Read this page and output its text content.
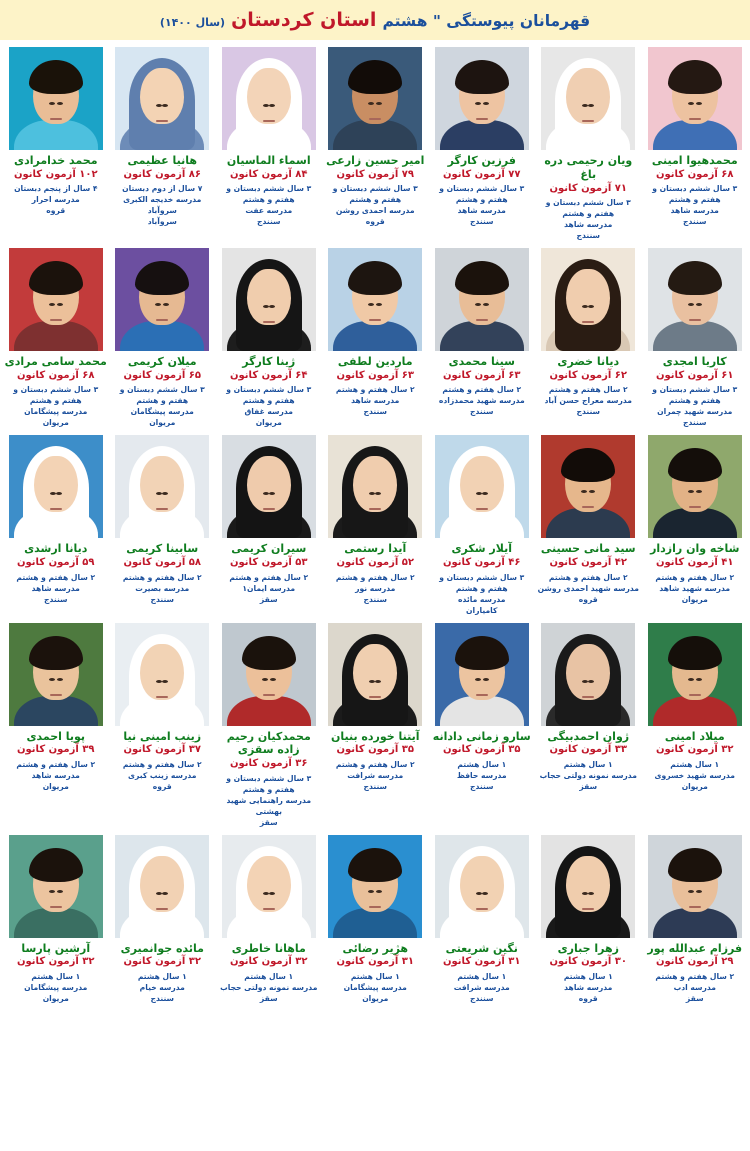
قهرمانان پیوستگی " هشتم
استان کردستان
(سال ۱۴۰۰)
محمدهیوا امینی
۶۸ آزمون کانون
۳ سال ششم دبستان و هفتم و هشتم
مدرسه شاهد
سنندج
ویان رحیمی دره باغ
۷۱ آزمون کانون
۳ سال ششم دبستان و هفتم و هشتم
مدرسه شاهد
سنندج
فرزین کارگر
۷۷ آزمون کانون
۳ سال ششم دبستان و هفتم و هشتم
مدرسه شاهد
سنندج
امیر حسین زارعی
۷۹ آزمون کانون
۳ سال ششم دبستان و هفتم و هشتم
مدرسه احمدی روشن
قروه
اسماء الماسیان
۸۴ آزمون کانون
۳ سال ششم دبستان و هفتم و هشتم
مدرسه عفت
سنندج
هانیا عظیمی
۸۶ آزمون کانون
۷ سال از دوم دبستان
مدرسه خدیجه الکبری سروآباد
سروآباد
محمد خدامرادی
۱۰۲ آزمون کانون
۴ سال از پنجم دبستان
مدرسه احرار
قروه
کاریا امجدی
۶۱ آزمون کانون
۳ سال ششم دبستان و هفتم و هشتم
مدرسه شهید چمران
سنندج
دیانا خضری
۶۲ آزمون کانون
۲ سال هفتم و هشتم
مدرسه معراج حسن آباد
سنندج
سینا محمدی
۶۳ آزمون کانون
۲ سال هفتم و هشتم
مدرسه شهید محمدزاده
سنندج
ماردین لطفی
۶۳ آزمون کانون
۲ سال هفتم و هشتم
مدرسه شاهد
سنندج
ژینا کارگر
۶۴ آزمون کانون
۳ سال ششم دبستان و هفتم و هشتم
مدرسه غفاق
مریوان
میلان کریمی
۶۵ آزمون کانون
۳ سال ششم دبستان و هفتم و هشتم
مدرسه پیشگامان
مریوان
محمد سامی مرادی
۶۸ آزمون کانون
۳ سال ششم دبستان و هفتم و هشتم
مدرسه پیشگامان
مریوان
شاخه وان رازدار
۴۱ آزمون کانون
۲ سال هفتم و هشتم
مدرسه شهید شاهد
مریوان
سید مانی حسینی
۴۲ آزمون کانون
۲ سال هفتم و هشتم
مدرسه شهید احمدی روشن
قروه
آیلار شکری
۴۶ آزمون کانون
۳ سال ششم دبستان و هفتم و هشتم
مدرسه مائده
کامیاران
آیدا رستمی
۵۲ آزمون کانون
۲ سال هفتم و هشتم
مدرسه نور
سنندج
سیران کریمی
۵۳ آزمون کانون
۲ سال هفتم و هشتم
مدرسه ایمان۱
سقز
سابینا کریمی
۵۸ آزمون کانون
۲ سال هفتم و هشتم
مدرسه بصیرت
سنندج
دیانا ارشدی
۵۹ آزمون کانون
۲ سال هفتم و هشتم
مدرسه شاهد
سنندج
میلاد امینی
۳۲ آزمون کانون
۱ سال هشتم
مدرسه شهید خسروی
مریوان
ژوان احمدبیگی
۳۳ آزمون کانون
۱ سال هشتم
مدرسه نمونه دولتی حجاب
سقز
سارو زمانی دادانه
۳۵ آزمون کانون
۱ سال هشتم
مدرسه حافظ
سنندج
آیتنا خورده بنیان
۳۵ آزمون کانون
۲ سال هفتم و هشتم
مدرسه شرافت
سنندج
محمدکیان رحیم زاده سقزی
۳۶ آزمون کانون
۳ سال ششم دبستان و هفتم و هشتم
مدرسه راهنمایی شهید بهشتی
سقز
زینب امینی نیا
۳۷ آزمون کانون
۲ سال هفتم و هشتم
مدرسه زینب کبری
قروه
پویا احمدی
۳۹ آزمون کانون
۲ سال هفتم و هشتم
مدرسه شاهد
مریوان
فرزام عبدالله پور
۲۹ آزمون کانون
۲ سال هفتم و هشتم
مدرسه ادب
سقز
زهرا جباری
۳۰ آزمون کانون
۱ سال هشتم
مدرسه شاهد
قروه
نگین شریعتی
۳۱ آزمون کانون
۱ سال هشتم
مدرسه شرافت
سنندج
هژیر رضائی
۳۱ آزمون کانون
۱ سال هشتم
مدرسه پیشگامان
مریوان
ماهانا خاطری
۳۲ آزمون کانون
۱ سال هشتم
مدرسه نمونه دولتی حجاب
سقز
مائده جوانمیری
۳۲ آزمون کانون
۱ سال هشتم
مدرسه خیام
سنندج
آرشین پارسا
۳۲ آزمون کانون
۱ سال هشتم
مدرسه پیشگامان
مریوان
